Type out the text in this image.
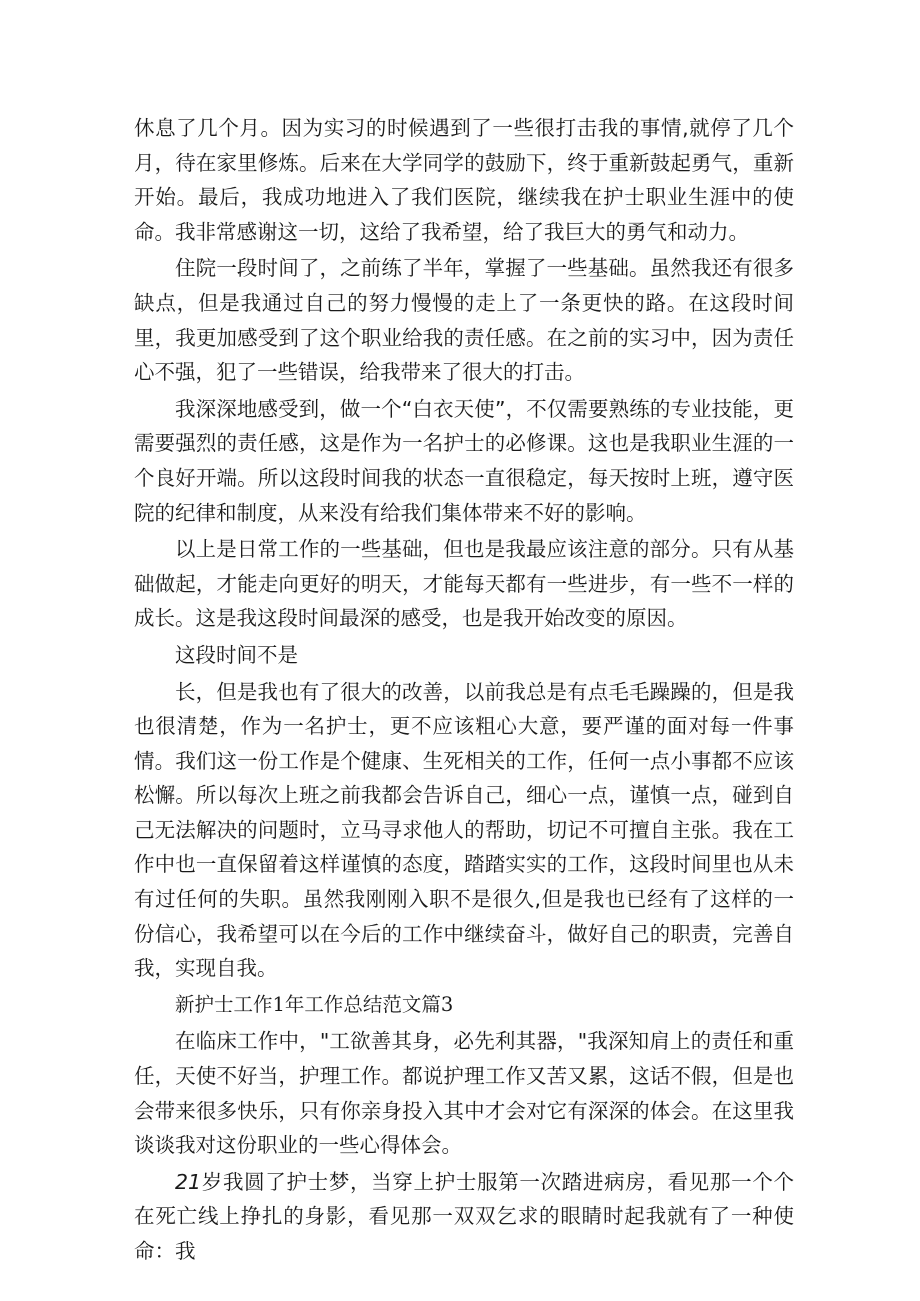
休息了几个月。因为实习的时候遇到了一些很打击我的事情,就停了几个月，待在家里修炼。后来在大学同学的鼓励下，终于重新鼓起勇气，重新开始。最后，我成功地进入了我们医院，继续我在护士职业生涯中的使命。我非常感谢这一切，这给了我希望，给了我巨大的勇气和动力。

住院一段时间了，之前练了半年，掌握了一些基础。虽然我还有很多缺点，但是我通过自己的努力慢慢的走上了一条更快的路。在这段时间里，我更加感受到了这个职业给我的责任感。在之前的实习中，因为责任心不强，犯了一些错误，给我带来了很大的打击。

我深深地感受到，做一个“白衣天使”，不仅需要熟练的专业技能，更需要强烈的责任感，这是作为一名护士的必修课。这也是我职业生涯的一个良好开端。所以这段时间我的状态一直很稳定，每天按时上班，遵守医院的纪律和制度，从来没有给我们集体带来不好的影响。

以上是日常工作的一些基础，但也是我最应该注意的部分。只有从基础做起，才能走向更好的明天，才能每天都有一些进步，有一些不一样的成长。这是我这段时间最深的感受，也是我开始改变的原因。

这段时间不是

长，但是我也有了很大的改善，以前我总是有点毛毛躁躁的，但是我也很清楚，作为一名护士，更不应该粗心大意，要严谨的面对每一件事情。我们这一份工作是个健康、生死相关的工作，任何一点小事都不应该松懈。所以每次上班之前我都会告诉自己，细心一点，谨慎一点，碰到自己无法解决的问题时，立马寻求他人的帮助，切记不可擅自主张。我在工作中也一直保留着这样谨慎的态度，踏踏实实的工作，这段时间里也从未有过任何的失职。虽然我刚刚入职不是很久,但是我也已经有了这样的一份信心，我希望可以在今后的工作中继续奋斗，做好自己的职责，完善自我，实现自我。

新护士工作1年工作总结范文篇3

在临床工作中，"工欲善其身，必先利其器，"我深知肩上的责任和重任，天使不好当，护理工作。都说护理工作又苦又累，这话不假，但是也会带来很多快乐，只有你亲身投入其中才会对它有深深的体会。在这里我谈谈我对这份职业的一些心得体会。

21岁我圆了护士梦，当穿上护士服第一次踏进病房，看见那一个个在死亡线上挣扎的身影，看见那一双双乞求的眼睛时起我就有了一种使命：我
